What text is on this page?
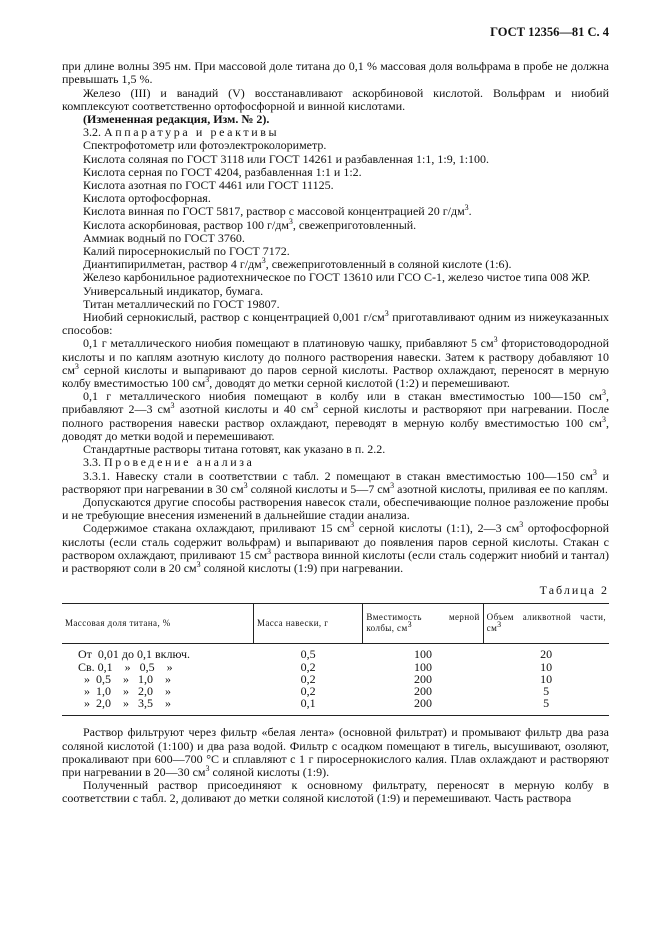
ГОСТ 12356—81 С. 4

при длине волны 395 нм. При массовой доле титана до 0,1 % массовая доля вольфрама в пробе не должна превышать 1,5 %.

Железо (III) и ванадий (V) восстанавливают аскорбиновой кислотой. Вольфрам и ниобий комплексуют соответственно ортофосфорной и винной кислотами.

(Измененная редакция, Изм. № 2).

3.2. Аппаратура и реактивы

Спектрофотометр или фотоэлектроколориметр.

Кислота соляная по ГОСТ 3118 или ГОСТ 14261 и разбавленная 1:1, 1:9, 1:100.

Кислота серная по ГОСТ 4204, разбавленная 1:1 и 1:2.

Кислота азотная по ГОСТ 4461 или ГОСТ 11125.

Кислота ортофосфорная.

Кислота винная по ГОСТ 5817, раствор с массовой концентрацией 20 $г/дм^3$.

Кислота аскорбиновая, раствор 100 $г/дм^3$, свежеприготовленный.

Аммиак водный по ГОСТ 3760.

Калий пиросернокислый по ГОСТ 7172.

Диантипирилметан, раствор 4 $г/дм^3$, свежеприготовленный в соляной кислоте (1:6).

Железо карбонильное радиотехническое по ГОСТ 13610 или ГСО С-1, железо чистое типа 008 ЖР.

Универсальный индикатор, бумага.

Титан металлический по ГОСТ 19807.

Ниобий сернокислый, раствор с концентрацией 0,001 $г/см^3$ приготавливают одним из нижеуказанных способов:

0,1 г металлического ниобия помещают в платиновую чашку, прибавляют 5 $см^3$ фтористоводородной кислоты и по каплям азотную кислоту до полного растворения навески. Затем к раствору добавляют 10 $см^3$ серной кислоты и выпаривают до паров серной кислоты. Раствор охлаждают, переносят в мерную колбу вместимостью 100 $см^3$, доводят до метки серной кислотой (1:2) и перемешивают.

0,1 г металлического ниобия помещают в колбу или в стакан вместимостью 100—150 $см^3$, прибавляют 2—3 $см^3$ азотной кислоты и 40 $см^3$ серной кислоты и растворяют при нагревании. После полного растворения навески раствор охлаждают, переводят в мерную колбу вместимостью 100 $см^3$, доводят до метки водой и перемешивают.

Стандартные растворы титана готовят, как указано в п. 2.2.

3.3. Проведение анализа

3.3.1. Навеску стали в соответствии с табл. 2 помещают в стакан вместимостью 100—150 $см^3$ и растворяют при нагревании в 30 $см^3$ соляной кислоты и 5—7 $см^3$ азотной кислоты, приливая ее по каплям.

Допускаются другие способы растворения навесок стали, обеспечивающие полное разложение пробы и не требующие внесения изменений в дальнейшие стадии анализа.

Содержимое стакана охлаждают, приливают 15 $см^3$ серной кислоты (1:1), 2—3 $см^3$ ортофосфорной кислоты (если сталь содержит вольфрам) и выпаривают до появления паров серной кислоты. Стакан с раствором охлаждают, приливают 15 $см^3$ раствора винной кислоты (если сталь содержит ниобий и тантал) и растворяют соли в 20 $см^3$ соляной кислоты (1:9) при нагревании.

Таблица 2
Массовая доля титана, %	Масса навески, г	Вместимость мерной колбы, $см^3$	Объем аликвотной части, $см^3$
От  0,01 до 0,1 включ.	0,5	100	20
Св. 0,1    »   0,5    »	0,2	100	10
»  0,5    »   1,0    »	0,2	200	10
»  1,0    »   2,0    »	0,2	200	5
»  2,0    »   3,5    »	0,1	200	5

Раствор фильтруют через фильтр «белая лента» (основной фильтрат) и промывают фильтр два раза соляной кислотой (1:100) и два раза водой. Фильтр с осадком помещают в тигель, высушивают, озоляют, прокаливают при 600—700 °С и сплавляют с 1 г пиросернокислого калия. Плав охлаждают и растворяют при нагревании в 20—30 $см^3$ соляной кислоты (1:9).

Полученный раствор присоединяют к основному фильтрату, переносят в мерную колбу в соответствии с табл. 2, доливают до метки соляной кислотой (1:9) и перемешивают. Часть раствора
